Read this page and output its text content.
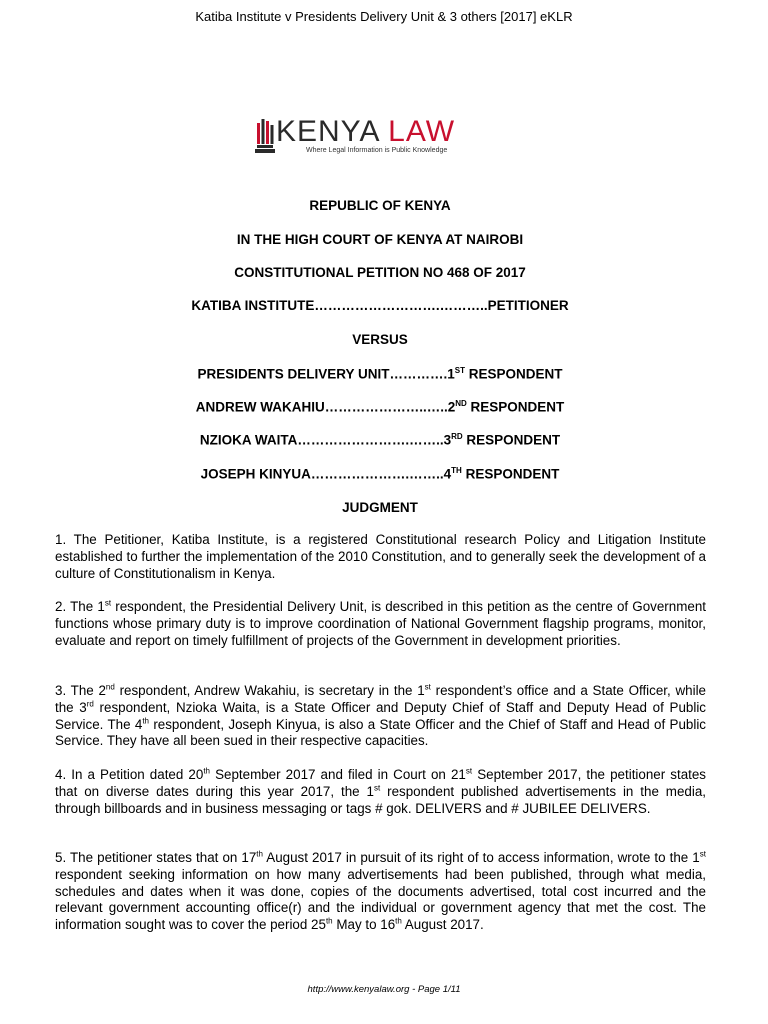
Katiba Institute v Presidents Delivery Unit & 3 others [2017] eKLR
KENYA LAW
Where Legal Information is Public Knowledge
REPUBLIC OF KENYA
IN THE HIGH COURT OF KENYA AT NAIROBI
CONSTITUTIONAL PETITION NO 468 OF 2017
KATIBA INSTITUTE……………………….………..PETITIONER
VERSUS
PRESIDENTS DELIVERY UNIT………….1ST RESPONDENT
ANDREW WAKAHIU…………………..…..2ND RESPONDENT
NZIOKA WAITA…………………….……..3RD RESPONDENT
JOSEPH KINYUA………………….……..4TH RESPONDENT
JUDGMENT
1. The Petitioner, Katiba Institute, is a registered Constitutional research Policy and Litigation Institute established to further the implementation of the 2010 Constitution, and to generally seek the development of a culture of Constitutionalism in Kenya.
2. The 1st respondent, the Presidential Delivery Unit, is described in this petition as the centre of Government functions whose primary duty is to improve coordination of National Government flagship programs, monitor, evaluate and report on timely fulfillment of projects of the Government in development priorities.
3. The 2nd respondent, Andrew Wakahiu, is secretary in the 1st respondent’s office and a State Officer, while the 3rd respondent, Nzioka Waita, is a State Officer and Deputy Chief of Staff and Deputy Head of Public Service. The 4th respondent, Joseph Kinyua, is also a State Officer and the Chief of Staff and Head of Public Service. They have all been sued in their respective capacities.
4. In a Petition dated 20th September 2017 and filed in Court on 21st September 2017, the petitioner states that on diverse dates during this year 2017, the 1st respondent published advertisements in the media, through billboards and in business messaging or tags # gok. DELIVERS and # JUBILEE DELIVERS.
5. The petitioner states that on 17th August 2017 in pursuit of its right of to access information, wrote to the 1st respondent seeking information on how many advertisements had been published, through what media, schedules and dates when it was done, copies of the documents advertised, total cost incurred and the relevant government accounting office(r) and the individual or government agency that met the cost. The information sought was to cover the period 25th May to 16th August 2017.
http://www.kenyalaw.org - Page 1/11
